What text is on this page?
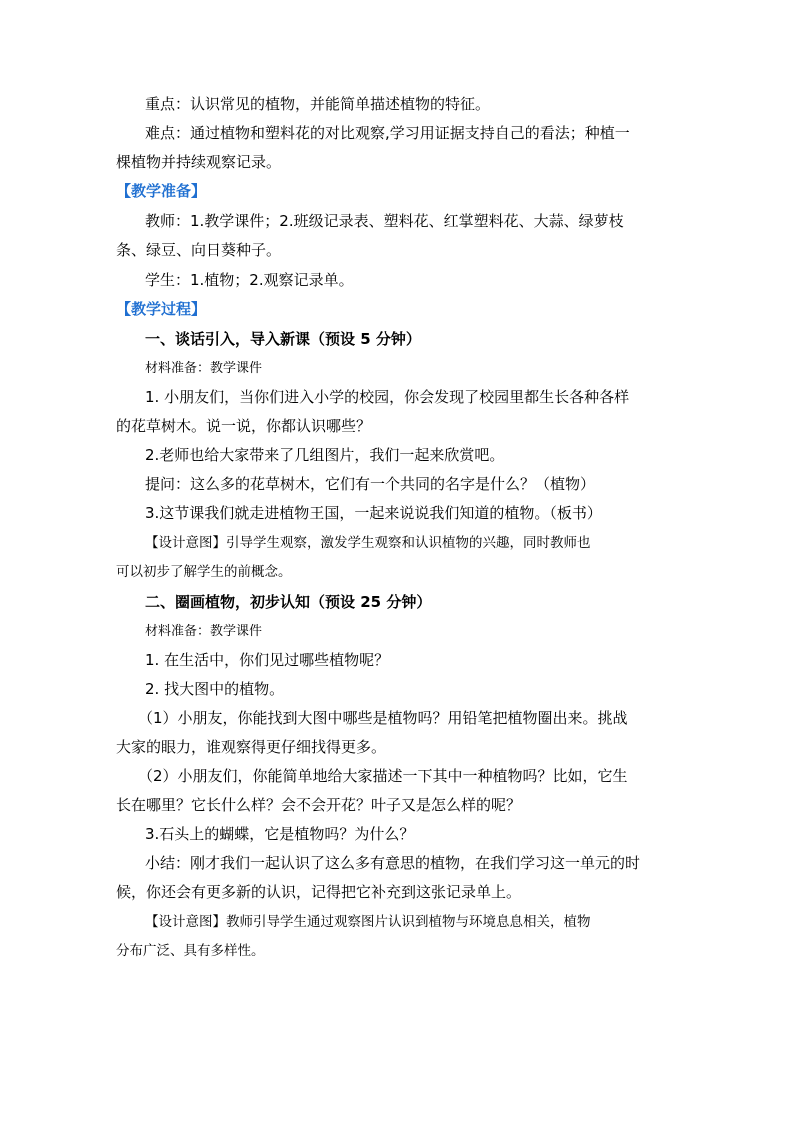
重点：认识常见的植物，并能简单描述植物的特征。

难点：通过植物和塑料花的对比观察,学习用证据支持自己的看法；种植一

棵植物并持续观察记录。

【教学准备】

教师：1.教学课件；2.班级记录表、塑料花、红掌塑料花、大蒜、绿萝枝

条、绿豆、向日葵种子。

学生：1.植物；2.观察记录单。

【教学过程】

一、谈话引入，导入新课（预设 5 分钟）

材料准备：教学课件

1. 小朋友们，当你们进入小学的校园，你会发现了校园里都生长各种各样

的花草树木。说一说，你都认识哪些？

2.老师也给大家带来了几组图片，我们一起来欣赏吧。

提问：这么多的花草树木，它们有一个共同的名字是什么？（植物）

3.这节课我们就走进植物王国，一起来说说我们知道的植物。（板书）

【设计意图】引导学生观察，激发学生观察和认识植物的兴趣，同时教师也

可以初步了解学生的前概念。

二、圈画植物，初步认知（预设 25 分钟）

材料准备：教学课件

1. 在生活中，你们见过哪些植物呢？

2. 找大图中的植物。

（1）小朋友，你能找到大图中哪些是植物吗？用铅笔把植物圈出来。挑战

大家的眼力，谁观察得更仔细找得更多。

（2）小朋友们，你能简单地给大家描述一下其中一种植物吗？比如，它生

长在哪里？它长什么样？会不会开花？叶子又是怎么样的呢？

3.石头上的蝴蝶，它是植物吗？为什么？

小结：刚才我们一起认识了这么多有意思的植物，在我们学习这一单元的时

候，你还会有更多新的认识，记得把它补充到这张记录单上。

【设计意图】教师引导学生通过观察图片认识到植物与环境息息相关，植物

分布广泛、具有多样性。
